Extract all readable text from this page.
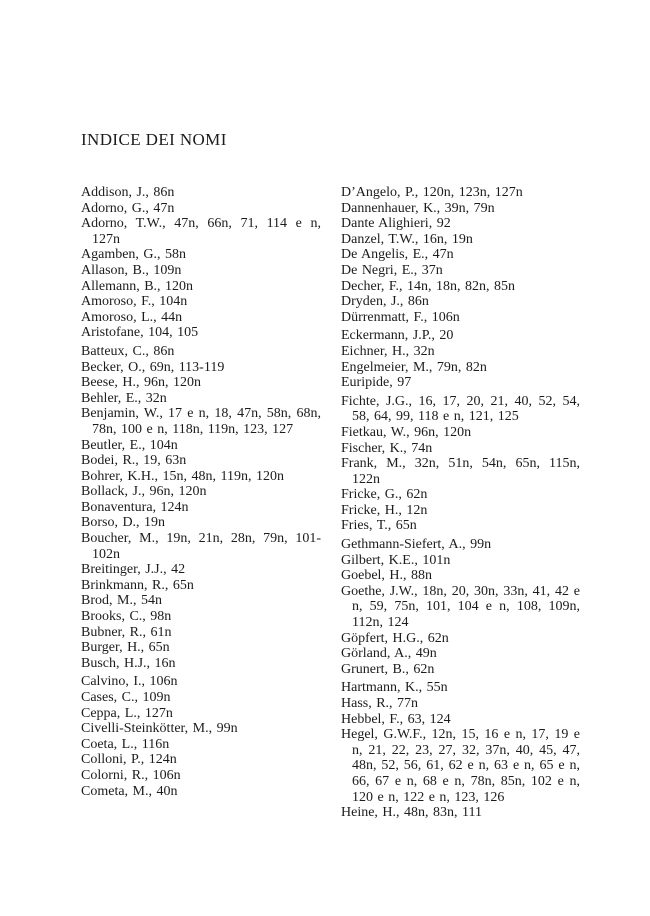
INDICE DEI NOMI
Addison, J., 86n
Adorno, G., 47n
Adorno, T.W., 47n, 66n, 71, 114 e n, 127n
Agamben, G., 58n
Allason, B., 109n
Allemann, B., 120n
Amoroso, F., 104n
Amoroso, L., 44n
Aristofane, 104, 105
Batteux, C., 86n
Becker, O., 69n, 113-119
Beese, H., 96n, 120n
Behler, E., 32n
Benjamin, W., 17 e n, 18, 47n, 58n, 68n, 78n, 100 e n, 118n, 119n, 123, 127
Beutler, E., 104n
Bodei, R., 19, 63n
Bohrer, K.H., 15n, 48n, 119n, 120n
Bollack, J., 96n, 120n
Bonaventura, 124n
Borso, D., 19n
Boucher, M., 19n, 21n, 28n, 79n, 101-102n
Breitinger, J.J., 42
Brinkmann, R., 65n
Brod, M., 54n
Brooks, C., 98n
Bubner, R., 61n
Burger, H., 65n
Busch, H.J., 16n
Calvino, I., 106n
Cases, C., 109n
Ceppa, L., 127n
Civelli-Steinkötter, M., 99n
Coeta, L., 116n
Colloni, P., 124n
Colorni, R., 106n
Cometa, M., 40n
D’Angelo, P., 120n, 123n, 127n
Dannenhauer, K., 39n, 79n
Dante Alighieri, 92
Danzel, T.W., 16n, 19n
De Angelis, E., 47n
De Negri, E., 37n
Decher, F., 14n, 18n, 82n, 85n
Dryden, J., 86n
Dürrenmatt, F., 106n
Eckermann, J.P., 20
Eichner, H., 32n
Engelmeier, M., 79n, 82n
Euripide, 97
Fichte, J.G., 16, 17, 20, 21, 40, 52, 54, 58, 64, 99, 118 e n, 121, 125
Fietkau, W., 96n, 120n
Fischer, K., 74n
Frank, M., 32n, 51n, 54n, 65n, 115n, 122n
Fricke, G., 62n
Fricke, H., 12n
Fries, T., 65n
Gethmann-Siefert, A., 99n
Gilbert, K.E., 101n
Goebel, H., 88n
Goethe, J.W., 18n, 20, 30n, 33n, 41, 42 e n, 59, 75n, 101, 104 e n, 108, 109n, 112n, 124
Göpfert, H.G., 62n
Görland, A., 49n
Grunert, B., 62n
Hartmann, K., 55n
Hass, R., 77n
Hebbel, F., 63, 124
Hegel, G.W.F., 12n, 15, 16 e n, 17, 19 e n, 21, 22, 23, 27, 32, 37n, 40, 45, 47, 48n, 52, 56, 61, 62 e n, 63 e n, 65 e n, 66, 67 e n, 68 e n, 78n, 85n, 102 e n, 120 e n, 122 e n, 123, 126
Heine, H., 48n, 83n, 111
